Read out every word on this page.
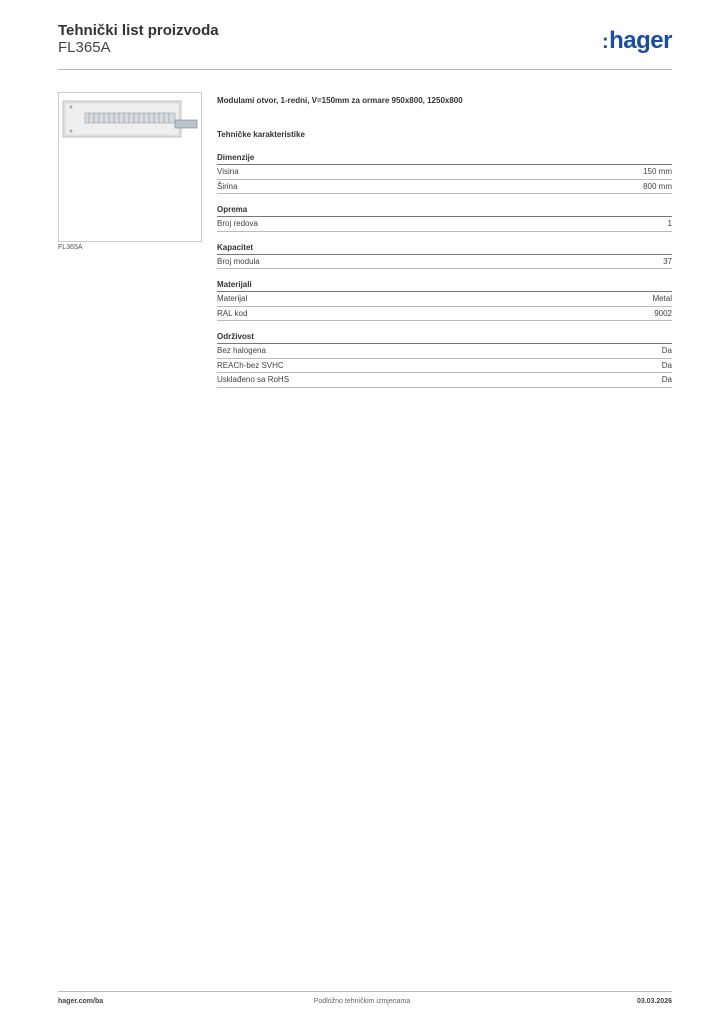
Tehnički list proizvoda
FL365A	:hager
FL365A
Modulami otvor, 1-redni, V=150mm za ormare 950x800, 1250x800
Tehničke karakteristike
Dimenzije
Visina	150 mm
Širina	800 mm
Oprema
Broj redova	1
Kapacitet
Broj modula	37
Materijali
Materijal	Metal
RAL kod	9002
Održivost
Bez halogena	Da
REACh-bez SVHC	Da
Usklađeno sa RoHS	Da
hager.com/ba	Podložno tehničkim izmjenama	03.03.2026
